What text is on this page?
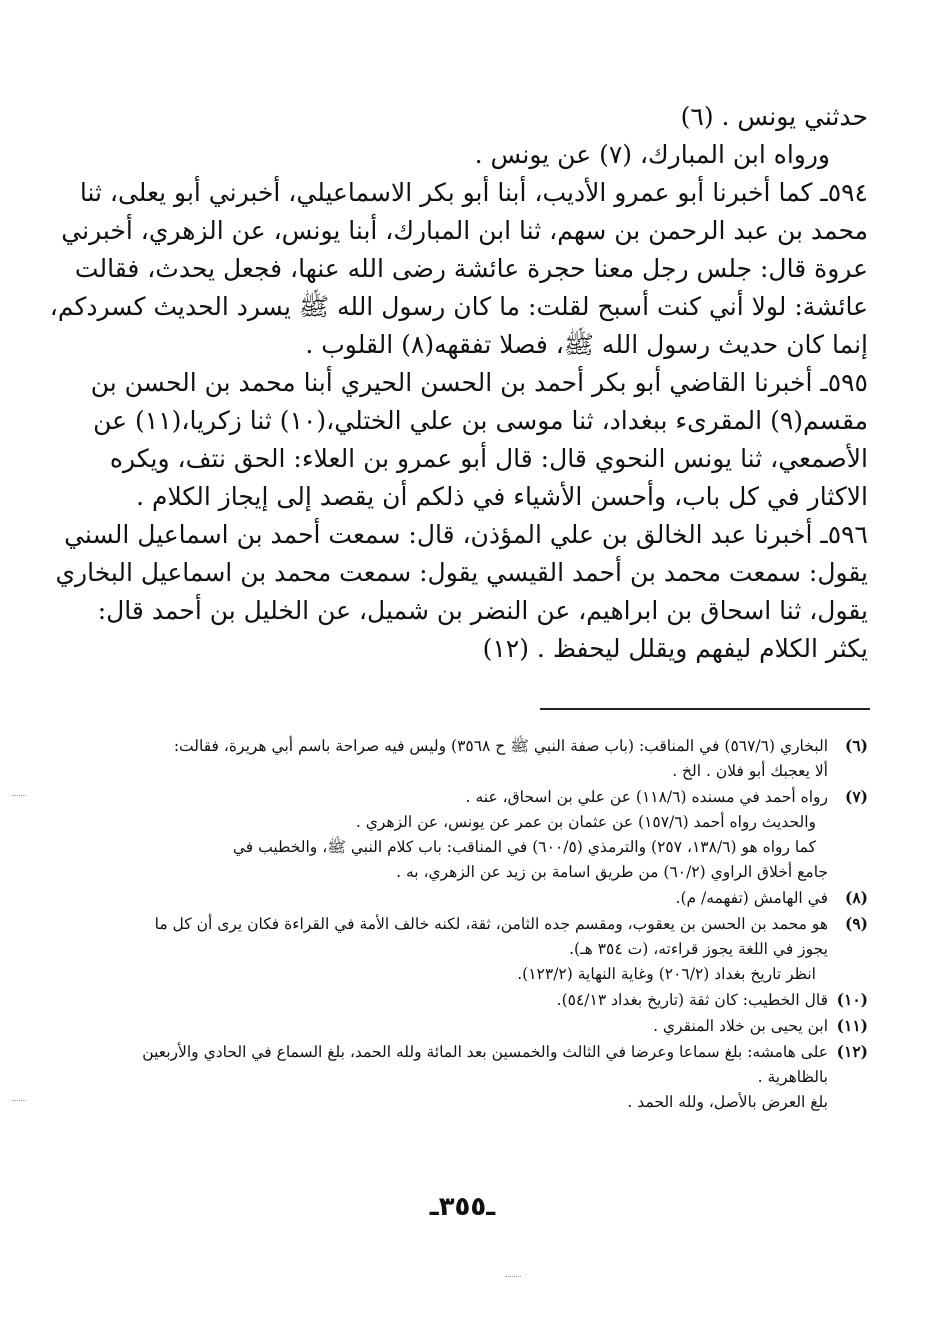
حدثني يونس . (٦)
ورواه ابن المبارك، (٧) عن يونس .
٥٩٤ـ كما أخبرنا أبو عمرو الأديب، أبنا أبو بكر الاسماعيلي، أخبرني أبو يعلى، ثنا
محمد بن عبد الرحمن بن سهم، ثنا ابن المبارك، أبنا يونس، عن الزهري، أخبرني
عروة قال: جلس رجل معنا حجرة عائشة رضى الله عنها، فجعل يحدث، فقالت
عائشة: لولا أني كنت أسبح لقلت: ما كان رسول الله ﷺ يسرد الحديث كسردكم،
إنما كان حديث رسول الله ﷺ، فصلا تفقهه(٨) القلوب .
٥٩٥ـ أخبرنا القاضي أبو بكر أحمد بن الحسن الحيري أبنا محمد بن الحسن بن
مقسم(٩) المقرىء ببغداد، ثنا موسى بن علي الختلي،(١٠) ثنا زكريا،(١١) عن
الأصمعي، ثنا يونس النحوي قال: قال أبو عمرو بن العلاء: الحق نتف، ويكره
الاكثار في كل باب، وأحسن الأشياء في ذلكم أن يقصد إلى إيجاز الكلام .
٥٩٦ـ أخبرنا عبد الخالق بن علي المؤذن، قال: سمعت أحمد بن اسماعيل السني
يقول: سمعت محمد بن أحمد القيسي يقول: سمعت محمد بن اسماعيل البخاري
يقول، ثنا اسحاق بن ابراهيم، عن النضر بن شميل، عن الخليل بن أحمد قال:
يكثر الكلام ليفهم ويقلل ليحفظ . (١٢)
(٦)البخاري (٥٦٧/٦) في المناقب: (باب صفة النبي ﷺ ح ٣٥٦٨) وليس فيه صراحة باسم أبي هريرة، فقالت:
ألا يعجبك أبو فلان . الخ .
(٧)رواه أحمد في مسنده (١١٨/٦) عن علي بن اسحاق، عنه .
والحديث رواه أحمد (١٥٧/٦) عن عثمان بن عمر عن يونس، عن الزهري .
كما رواه هو (١٣٨/٦، ٢٥٧) والترمذي (٦٠٠/٥) في المناقب: باب كلام النبي ﷺ، والخطيب في
جامع أخلاق الراوي (٦٠/٢) من طريق اسامة بن زيد عن الزهري، به .
(٨)في الهامش (تفهمه/ م).
(٩)هو محمد بن الحسن بن يعقوب، ومقسم جده الثامن، ثقة، لكنه خالف الأمة في القراءة فكان يرى أن كل ما
يجوز في اللغة يجوز قراءته، (ت ٣٥٤ هـ).
انظر تاريخ بغداد (٢٠٦/٢) وغاية النهاية (١٢٣/٢).
(١٠)قال الخطيب: كان ثقة (تاريخ بغداد ٥٤/١٣).
(١١)ابن يحيى بن خلاد المنقري .
(١٢)على هامشه: بلغ سماعا وعرضا في الثالث والخمسين بعد المائة ولله الحمد، بلغ السماع في الحادي والأربعين
بالظاهرية .
بلغ العرض بالأصل، ولله الحمد .
ـ٣٥٥ـ
